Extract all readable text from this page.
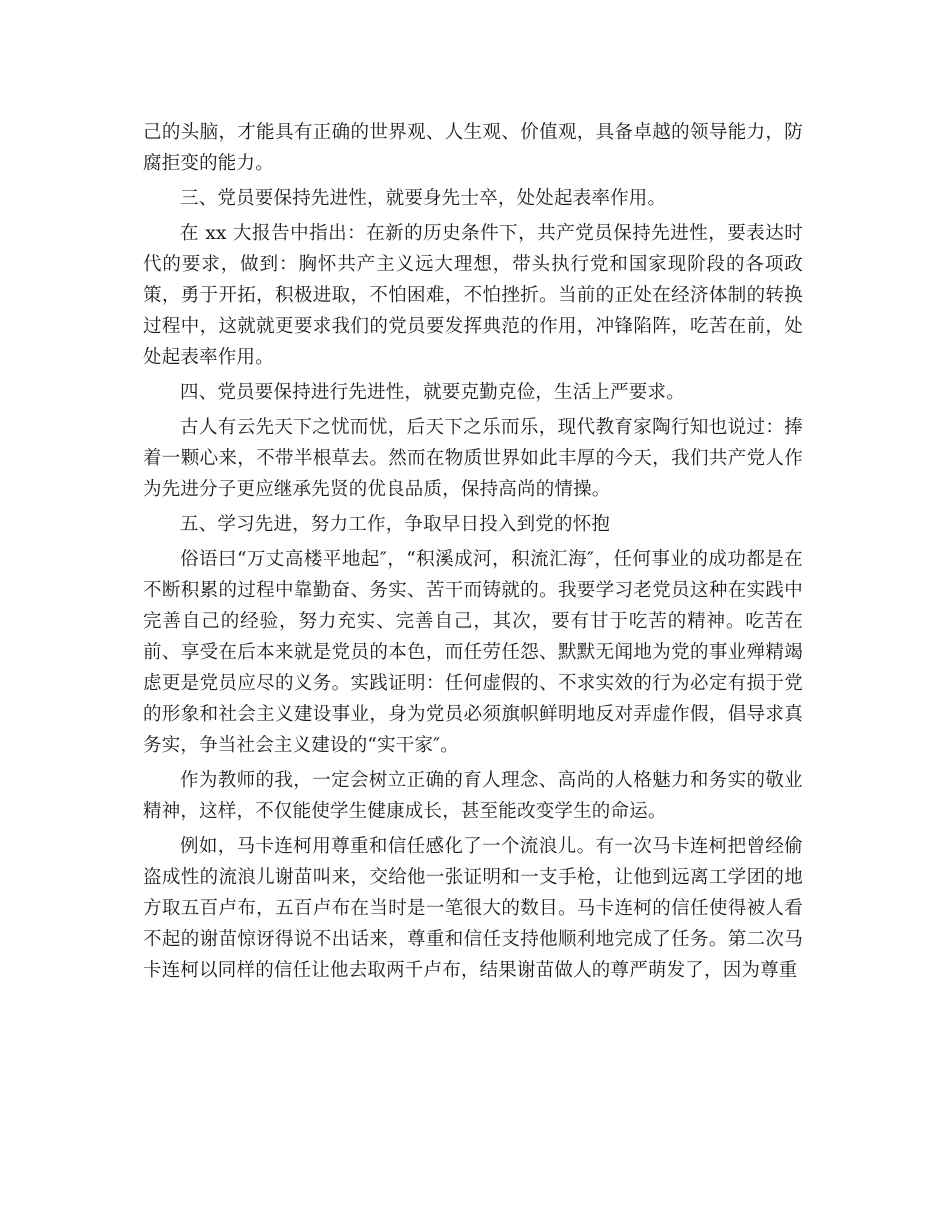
己的头脑，才能具有正确的世界观、人生观、价值观，具备卓越的领导能力，防腐拒变的能力。

三、党员要保持先进性，就要身先士卒，处处起表率作用。

在 xx 大报告中指出：在新的历史条件下，共产党员保持先进性，要表达时代的要求，做到：胸怀共产主义远大理想，带头执行党和国家现阶段的各项政策，勇于开拓，积极进取，不怕困难，不怕挫折。当前的正处在经济体制的转换过程中，这就就更要求我们的党员要发挥典范的作用，冲锋陷阵，吃苦在前，处处起表率作用。

四、党员要保持进行先进性，就要克勤克俭，生活上严要求。

古人有云先天下之忧而忧，后天下之乐而乐，现代教育家陶行知也说过：捧着一颗心来，不带半根草去。然而在物质世界如此丰厚的今天，我们共产党人作为先进分子更应继承先贤的优良品质，保持高尚的情操。

五、学习先进，努力工作，争取早日投入到党的怀抱

俗语曰“万丈高楼平地起″，“积溪成河，积流汇海″，任何事业的成功都是在不断积累的过程中靠勤奋、务实、苦干而铸就的。我要学习老党员这种在实践中完善自己的经验，努力充实、完善自己，其次，要有甘于吃苦的精神。吃苦在前、享受在后本来就是党员的本色，而任劳任怨、默默无闻地为党的事业殚精竭虑更是党员应尽的义务。实践证明：任何虚假的、不求实效的行为必定有损于党的形象和社会主义建设事业，身为党员必须旗帜鲜明地反对弄虚作假，倡导求真务实，争当社会主义建设的“实干家″。

作为教师的我，一定会树立正确的育人理念、高尚的人格魅力和务实的敬业精神，这样，不仅能使学生健康成长，甚至能改变学生的命运。

例如，马卡连柯用尊重和信任感化了一个流浪儿。有一次马卡连柯把曾经偷盗成性的流浪儿谢苗叫来，交给他一张证明和一支手枪，让他到远离工学团的地方取五百卢布，五百卢布在当时是一笔很大的数目。马卡连柯的信任使得被人看不起的谢苗惊讶得说不出话来，尊重和信任支持他顺利地完成了任务。第二次马卡连柯以同样的信任让他去取两千卢布，结果谢苗做人的尊严萌发了，因为尊重
